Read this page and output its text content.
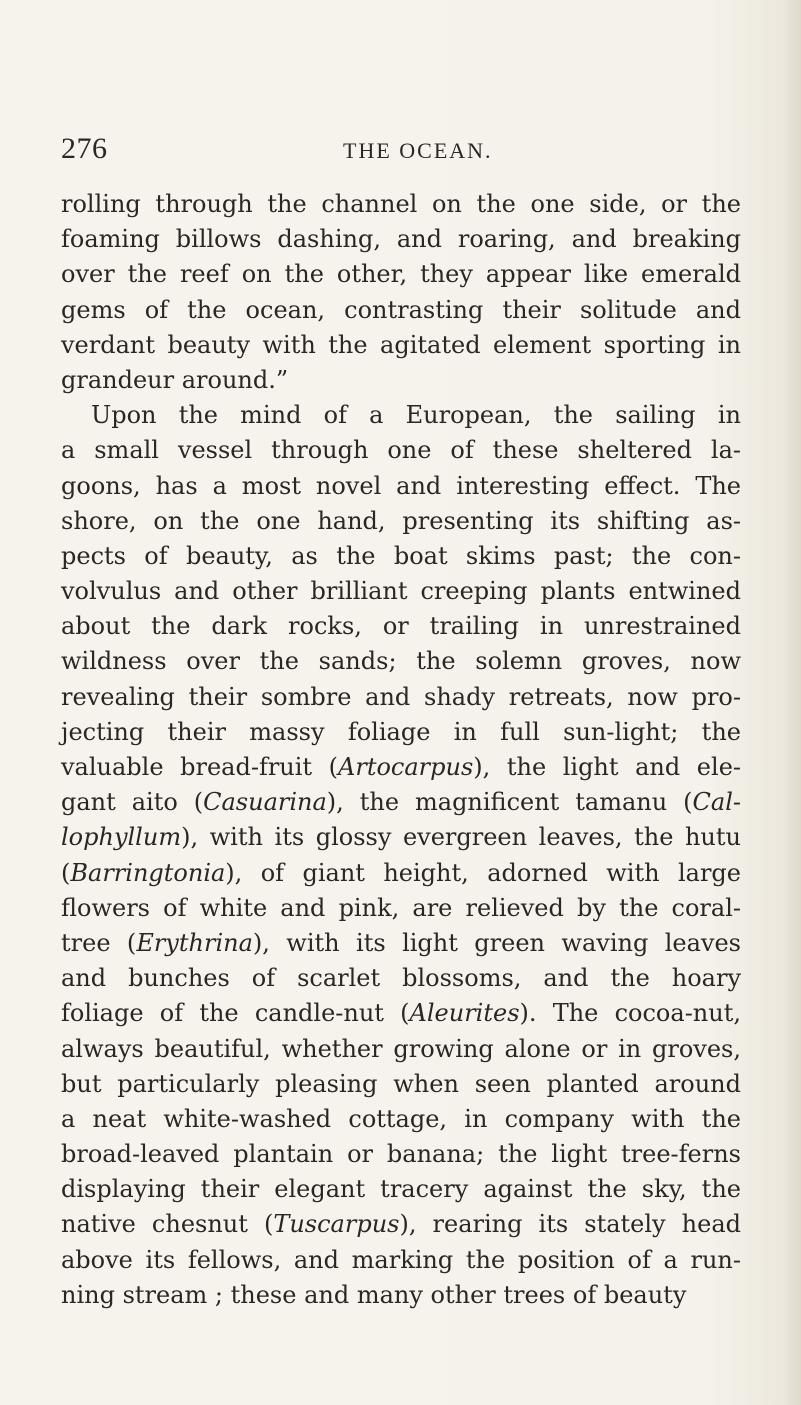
276	THE OCEAN.
rolling through the channel on the one side, or the
foaming billows dashing, and roaring, and breaking
over the reef on the other, they appear like emerald
gems of the ocean, contrasting their solitude and
verdant beauty with the agitated element sporting in
grandeur around.”
Upon the mind of a European, the sailing in
a small vessel through one of these sheltered la-
goons, has a most novel and interesting effect. The
shore, on the one hand, presenting its shifting as-
pects of beauty, as the boat skims past; the con-
volvulus and other brilliant creeping plants entwined
about the dark rocks, or trailing in unrestrained
wildness over the sands; the solemn groves, now
revealing their sombre and shady retreats, now pro-
jecting their massy foliage in full sun-light; the
valuable bread-fruit (Artocarpus), the light and ele-
gant aito (Casuarina), the magnificent tamanu (Cal-
lophyllum), with its glossy evergreen leaves, the hutu
(Barringtonia), of giant height, adorned with large
flowers of white and pink, are relieved by the coral-
tree (Erythrina), with its light green waving leaves
and bunches of scarlet blossoms, and the hoary
foliage of the candle-nut (Aleurites). The cocoa-nut,
always beautiful, whether growing alone or in groves,
but particularly pleasing when seen planted around
a neat white-washed cottage, in company with the
broad-leaved plantain or banana; the light tree-ferns
displaying their elegant tracery against the sky, the
native chesnut (Tuscarpus), rearing its stately head
above its fellows, and marking the position of a run-
ning stream ; these and many other trees of beauty
